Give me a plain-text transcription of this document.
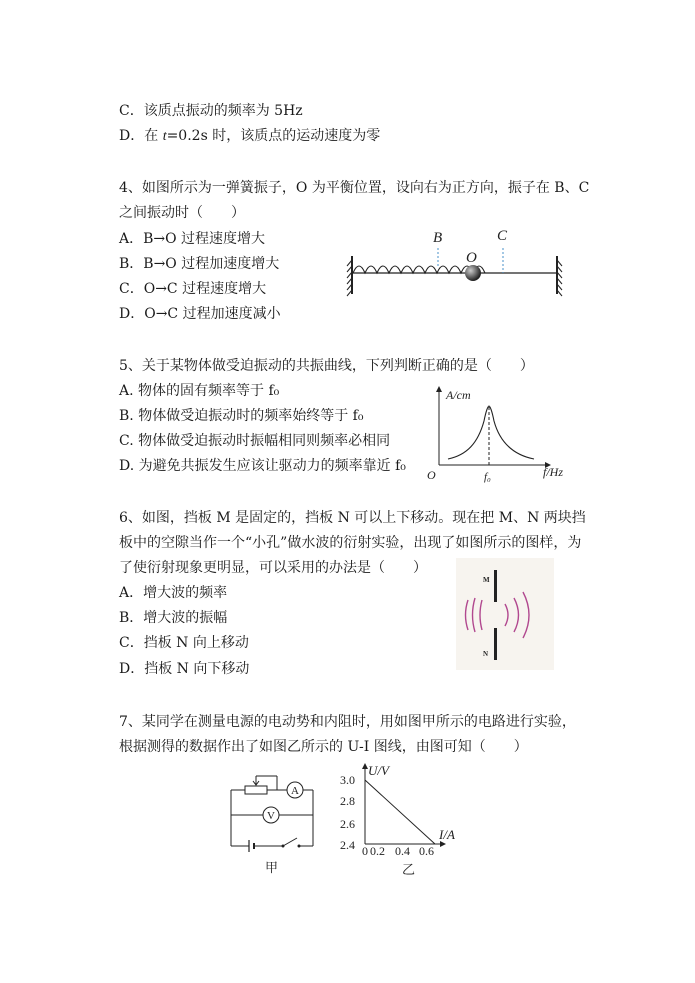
C．该质点振动的频率为 5Hz
D．在 t=0.2s 时，该质点的运动速度为零
4、如图所示为一弹簧振子，O 为平衡位置，设向右为正方向，振子在 B、C
之间振动时（　　）
A．B→O 过程速度增大
B．B→O 过程加速度增大
C．O→C 过程速度增大
D．O→C 过程加速度减小
B
O
C
5、关于某物体做受迫振动的共振曲线，下列判断正确的是（　　）
A. 物体的固有频率等于 f₀
B. 物体做受迫振动时的频率始终等于 f₀
C. 物体做受迫振动时振幅相同则频率必相同
D. 为避免共振发生应该让驱动力的频率靠近 f₀
A/cm
f/Hz
O	f₀
6、如图，挡板 M 是固定的，挡板 N 可以上下移动。现在把 M、N 两块挡
板中的空隙当作一个“小孔”做水波的衍射实验，出现了如图所示的图样，为
了使衍射现象更明显，可以采用的办法是（　　）
A．增大波的频率
B．增大波的振幅
C．挡板 N 向上移动
D．挡板 N 向下移动
M
N
7、某同学在测量电源的电动势和内阻时，用如图甲所示的电路进行实验，
根据测得的数据作出了如图乙所示的 U-I 图线，由图可知（　　）
A
V
甲
U/V
I/A
3.0
2.8
2.6
2.4 0 0.2 0.4 0.6
乙
